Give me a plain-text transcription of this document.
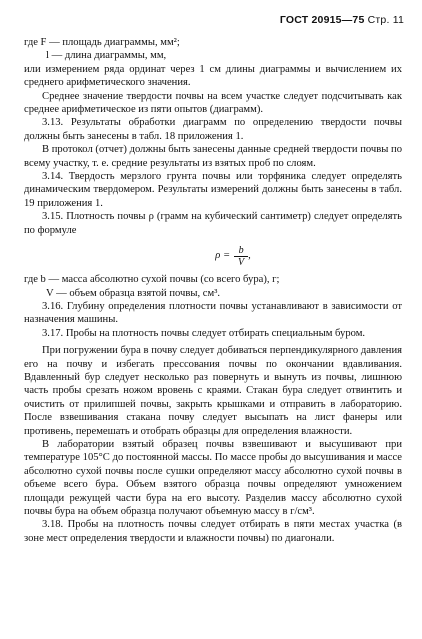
ГОСТ 20915—75 Стр. 11

где F — площадь диаграммы, мм²;

l — длина диаграммы, мм,

или измерением ряда ординат через 1 см длины диаграммы и вычислением их среднего арифметического значения.

Среднее значение твердости почвы на всем участке следует подсчитывать как среднее арифметическое из пяти опытов (диаграмм).

3.13. Результаты обработки диаграмм по определению твердости почвы должны быть занесены в табл. 18 приложения 1.

В протокол (отчет) должны быть занесены данные средней твердости почвы по всему участку, т. е. средние результаты из взятых проб по слоям.

3.14. Твердость мерзлого грунта почвы или торфяника следует определять динамическим твердомером. Результаты измерений должны быть занесены в табл. 19 приложения 1.

3.15. Плотность почвы ρ (грамм на кубический сантиметр) следует определять по формуле

$\rho = \frac{b}{V}$ ,

где b — масса абсолютно сухой почвы (со всего бура), г;

V — объем образца взятой почвы, см³.

3.16. Глубину определения плотности почвы устанавливают в зависимости от назначения машины.

3.17. Пробы на плотность почвы следует отбирать специальным буром.

При погружении бура в почву следует добиваться перпендикулярного давления его на почву и избегать прессования почвы по окончании вдавливания. Вдавленный бур следует несколько раз повернуть и вынуть из почвы, лишнюю часть пробы срезать ножом вровень с краями. Стакан бура следует отвинтить и очистить от прилипшей почвы, закрыть крышками и отправить в лабораторию. После взвешивания стакана почву следует высыпать на лист фанеры или противень, перемешать и отобрать образцы для определения влажности.

В лаборатории взятый образец почвы взвешивают и высушивают при температуре 105°С до постоянной массы. По массе пробы до высушивания и массе абсолютно сухой почвы после сушки определяют массу абсолютно сухой почвы в объеме всего бура. Объем взятого образца почвы определяют умножением площади режущей части бура на его высоту. Разделив массу абсолютно сухой почвы бура на объем образца получают объемную массу в г/см³.

3.18. Пробы на плотность почвы следует отбирать в пяти местах участка (в зоне мест определения твердости и влажности почвы) по диагонали.
